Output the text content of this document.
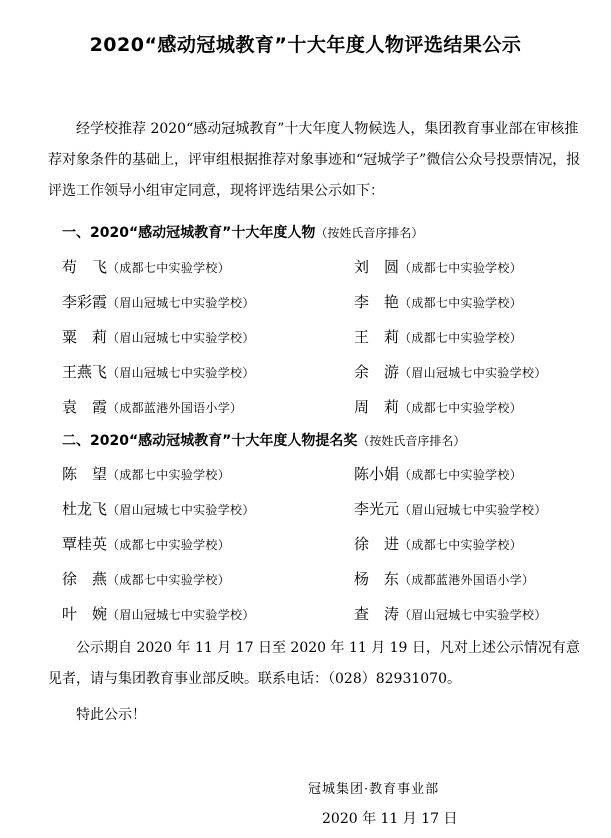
2020“感动冠城教育”十大年度人物评选结果公示
经学校推荐 2020“感动冠城教育”十大年度人物候选人，集团教育事业部在审核推荐对象条件的基础上，评审组根据推荐对象事迹和“冠城学子”微信公众号投票情况，报评选工作领导小组审定同意，现将评选结果公示如下：
一、2020“感动冠城教育”十大年度人物（按姓氏音序排名）
苟　飞（成都七中实验学校）	刘　圆（成都七中实验学校）
李彩霞（眉山冠城七中实验学校）	李　艳（成都七中实验学校）
粟　莉（眉山冠城七中实验学校）	王　莉（成都七中实验学校）
王燕飞（眉山冠城七中实验学校）	余　游（眉山冠城七中实验学校）
袁　霞（成都蓝港外国语小学）	周　莉（成都七中实验学校）
二、2020“感动冠城教育”十大年度人物提名奖（按姓氏音序排名）
陈　望（成都七中实验学校）	陈小娟（成都七中实验学校）
杜龙飞（眉山冠城七中实验学校）	李光元（眉山冠城七中实验学校）
覃桂英（成都七中实验学校）	徐　进（成都七中实验学校）
徐　燕（成都七中实验学校）	杨　东（成都蓝港外国语小学）
叶　婉（眉山冠城七中实验学校）	查　涛（眉山冠城七中实验学校）
公示期自 2020 年 11 月 17 日至 2020 年 11 月 19 日，凡对上述公示情况有意见者，请与集团教育事业部反映。联系电话：（028）82931070。
特此公示！
冠城集团·教育事业部
2020 年 11 月 17 日
